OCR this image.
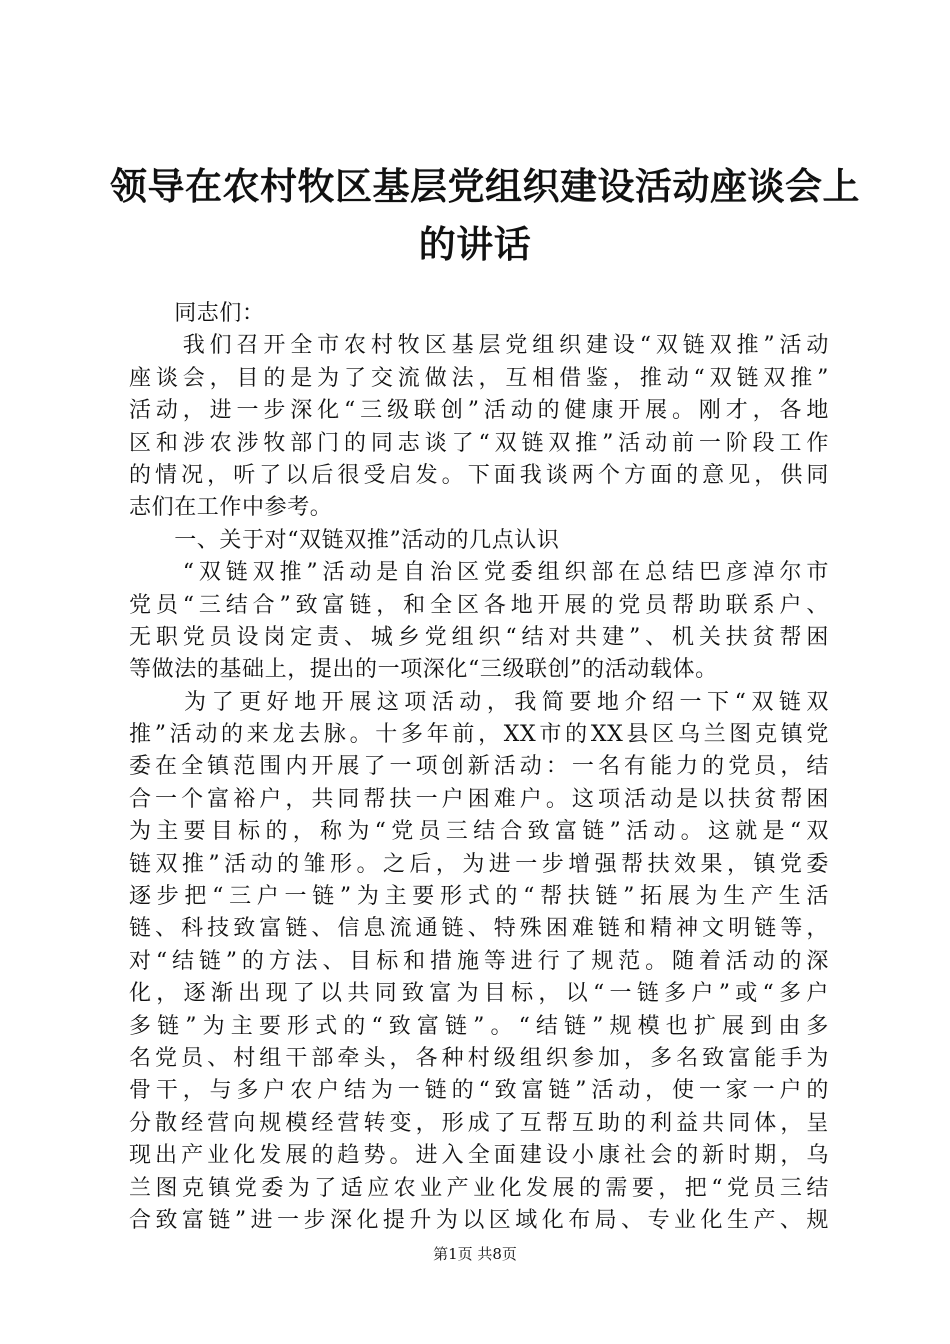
领导在农村牧区基层党组织建设活动座谈会上
的讲话
　　同志们：
　　我们召开全市农村牧区基层党组织建设“双链双推”活动
座谈会，目的是为了交流做法，互相借鉴，推动“双链双推”
活动，进一步深化“三级联创”活动的健康开展。刚才，各地
区和涉农涉牧部门的同志谈了“双链双推”活动前一阶段工作
的情况，听了以后很受启发。下面我谈两个方面的意见，供同
志们在工作中参考。
　　一、关于对“双链双推”活动的几点认识
　　“双链双推”活动是自治区党委组织部在总结巴彦淖尔市
党员“三结合”致富链，和全区各地开展的党员帮助联系户、
无职党员设岗定责、城乡党组织“结对共建”、机关扶贫帮困
等做法的基础上，提出的一项深化“三级联创”的活动载体。
　　为了更好地开展这项活动，我简要地介绍一下“双链双
推”活动的来龙去脉。十多年前，XX市的XX县区乌兰图克镇党
委在全镇范围内开展了一项创新活动：一名有能力的党员，结
合一个富裕户，共同帮扶一户困难户。这项活动是以扶贫帮困
为主要目标的，称为“党员三结合致富链”活动。这就是“双
链双推”活动的雏形。之后，为进一步增强帮扶效果，镇党委
逐步把“三户一链”为主要形式的“帮扶链”拓展为生产生活
链、科技致富链、信息流通链、特殊困难链和精神文明链等，
对“结链”的方法、目标和措施等进行了规范。随着活动的深
化，逐渐出现了以共同致富为目标，以“一链多户”或“多户
多链”为主要形式的“致富链”。“结链”规模也扩展到由多
名党员、村组干部牵头，各种村级组织参加，多名致富能手为
骨干，与多户农户结为一链的“致富链”活动，使一家一户的
分散经营向规模经营转变，形成了互帮互助的利益共同体，呈
现出产业化发展的趋势。进入全面建设小康社会的新时期，乌
兰图克镇党委为了适应农业产业化发展的需要，把“党员三结
合致富链”进一步深化提升为以区域化布局、专业化生产、规
第1页 共8页
